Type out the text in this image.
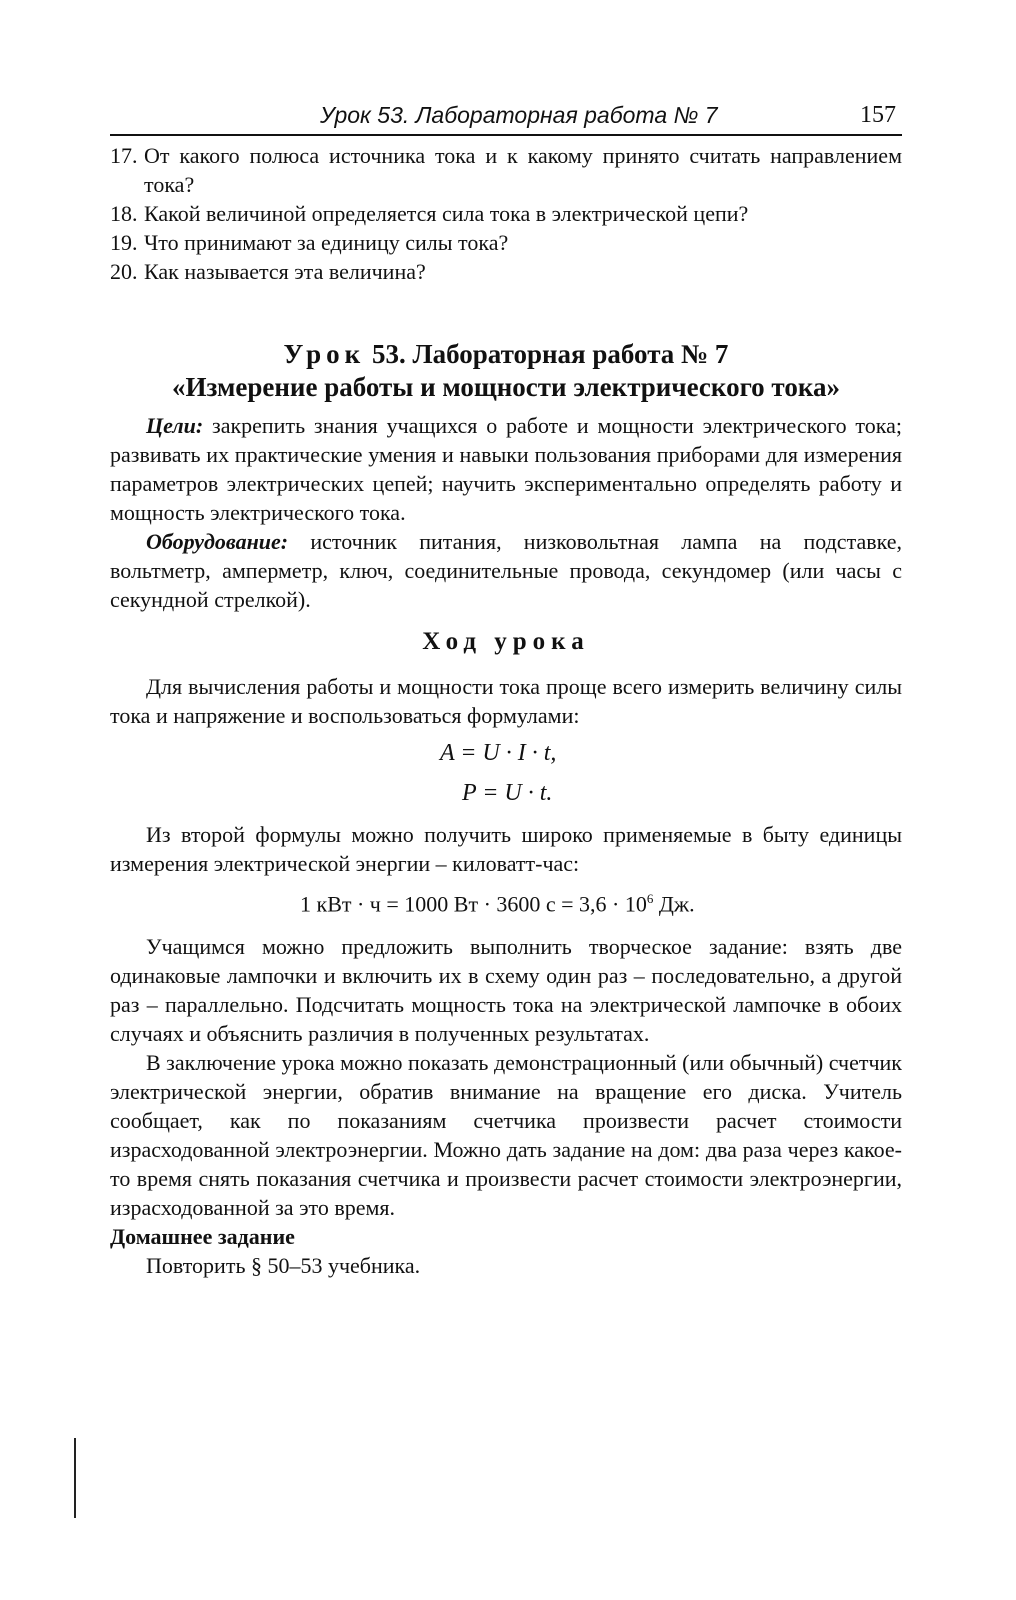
Урок 53. Лабораторная работа № 7	157

17. От какого полюса источника тока и к какому принято считать направлением тока?

18. Какой величиной определяется сила тока в электрической цепи?

19. Что принимают за единицу силы тока?

20. Как называется эта величина?

Урок 53. Лабораторная работа № 7
«Измерение работы и мощности электрического тока»

Цели: закрепить знания учащихся о работе и мощности электрического тока; развивать их практические умения и навыки пользования приборами для измерения параметров электрических цепей; научить экспериментально определять работу и мощность электрического тока.

Оборудование: источник питания, низковольтная лампа на подставке, вольтметр, амперметр, ключ, соединительные провода, секундомер (или часы с секундной стрелкой).

Ход урока

Для вычисления работы и мощности тока проще всего измерить величину силы тока и напряжение и воспользоваться формулами:

A = U · I · t,
P = U · t.

Из второй формулы можно получить широко применяемые в быту единицы измерения электрической энергии – киловатт-час:

1 кВт · ч = 1000 Вт · 3600 $с = 3,6 \cdot 10^6$ Дж.

Учащимся можно предложить выполнить творческое задание: взять две одинаковые лампочки и включить их в схему один раз – последовательно, а другой раз – параллельно. Подсчитать мощность тока на электрической лампочке в обоих случаях и объяснить различия в полученных результатах.

В заключение урока можно показать демонстрационный (или обычный) счетчик электрической энергии, обратив внимание на вращение его диска. Учитель сообщает, как по показаниям счетчика произвести расчет стоимости израсходованной электроэнергии. Можно дать задание на дом: два раза через какое-то время снять показания счетчика и произвести расчет стоимости электроэнергии, израсходованной за это время.

Домашнее задание
Повторить § 50–53 учебника.
